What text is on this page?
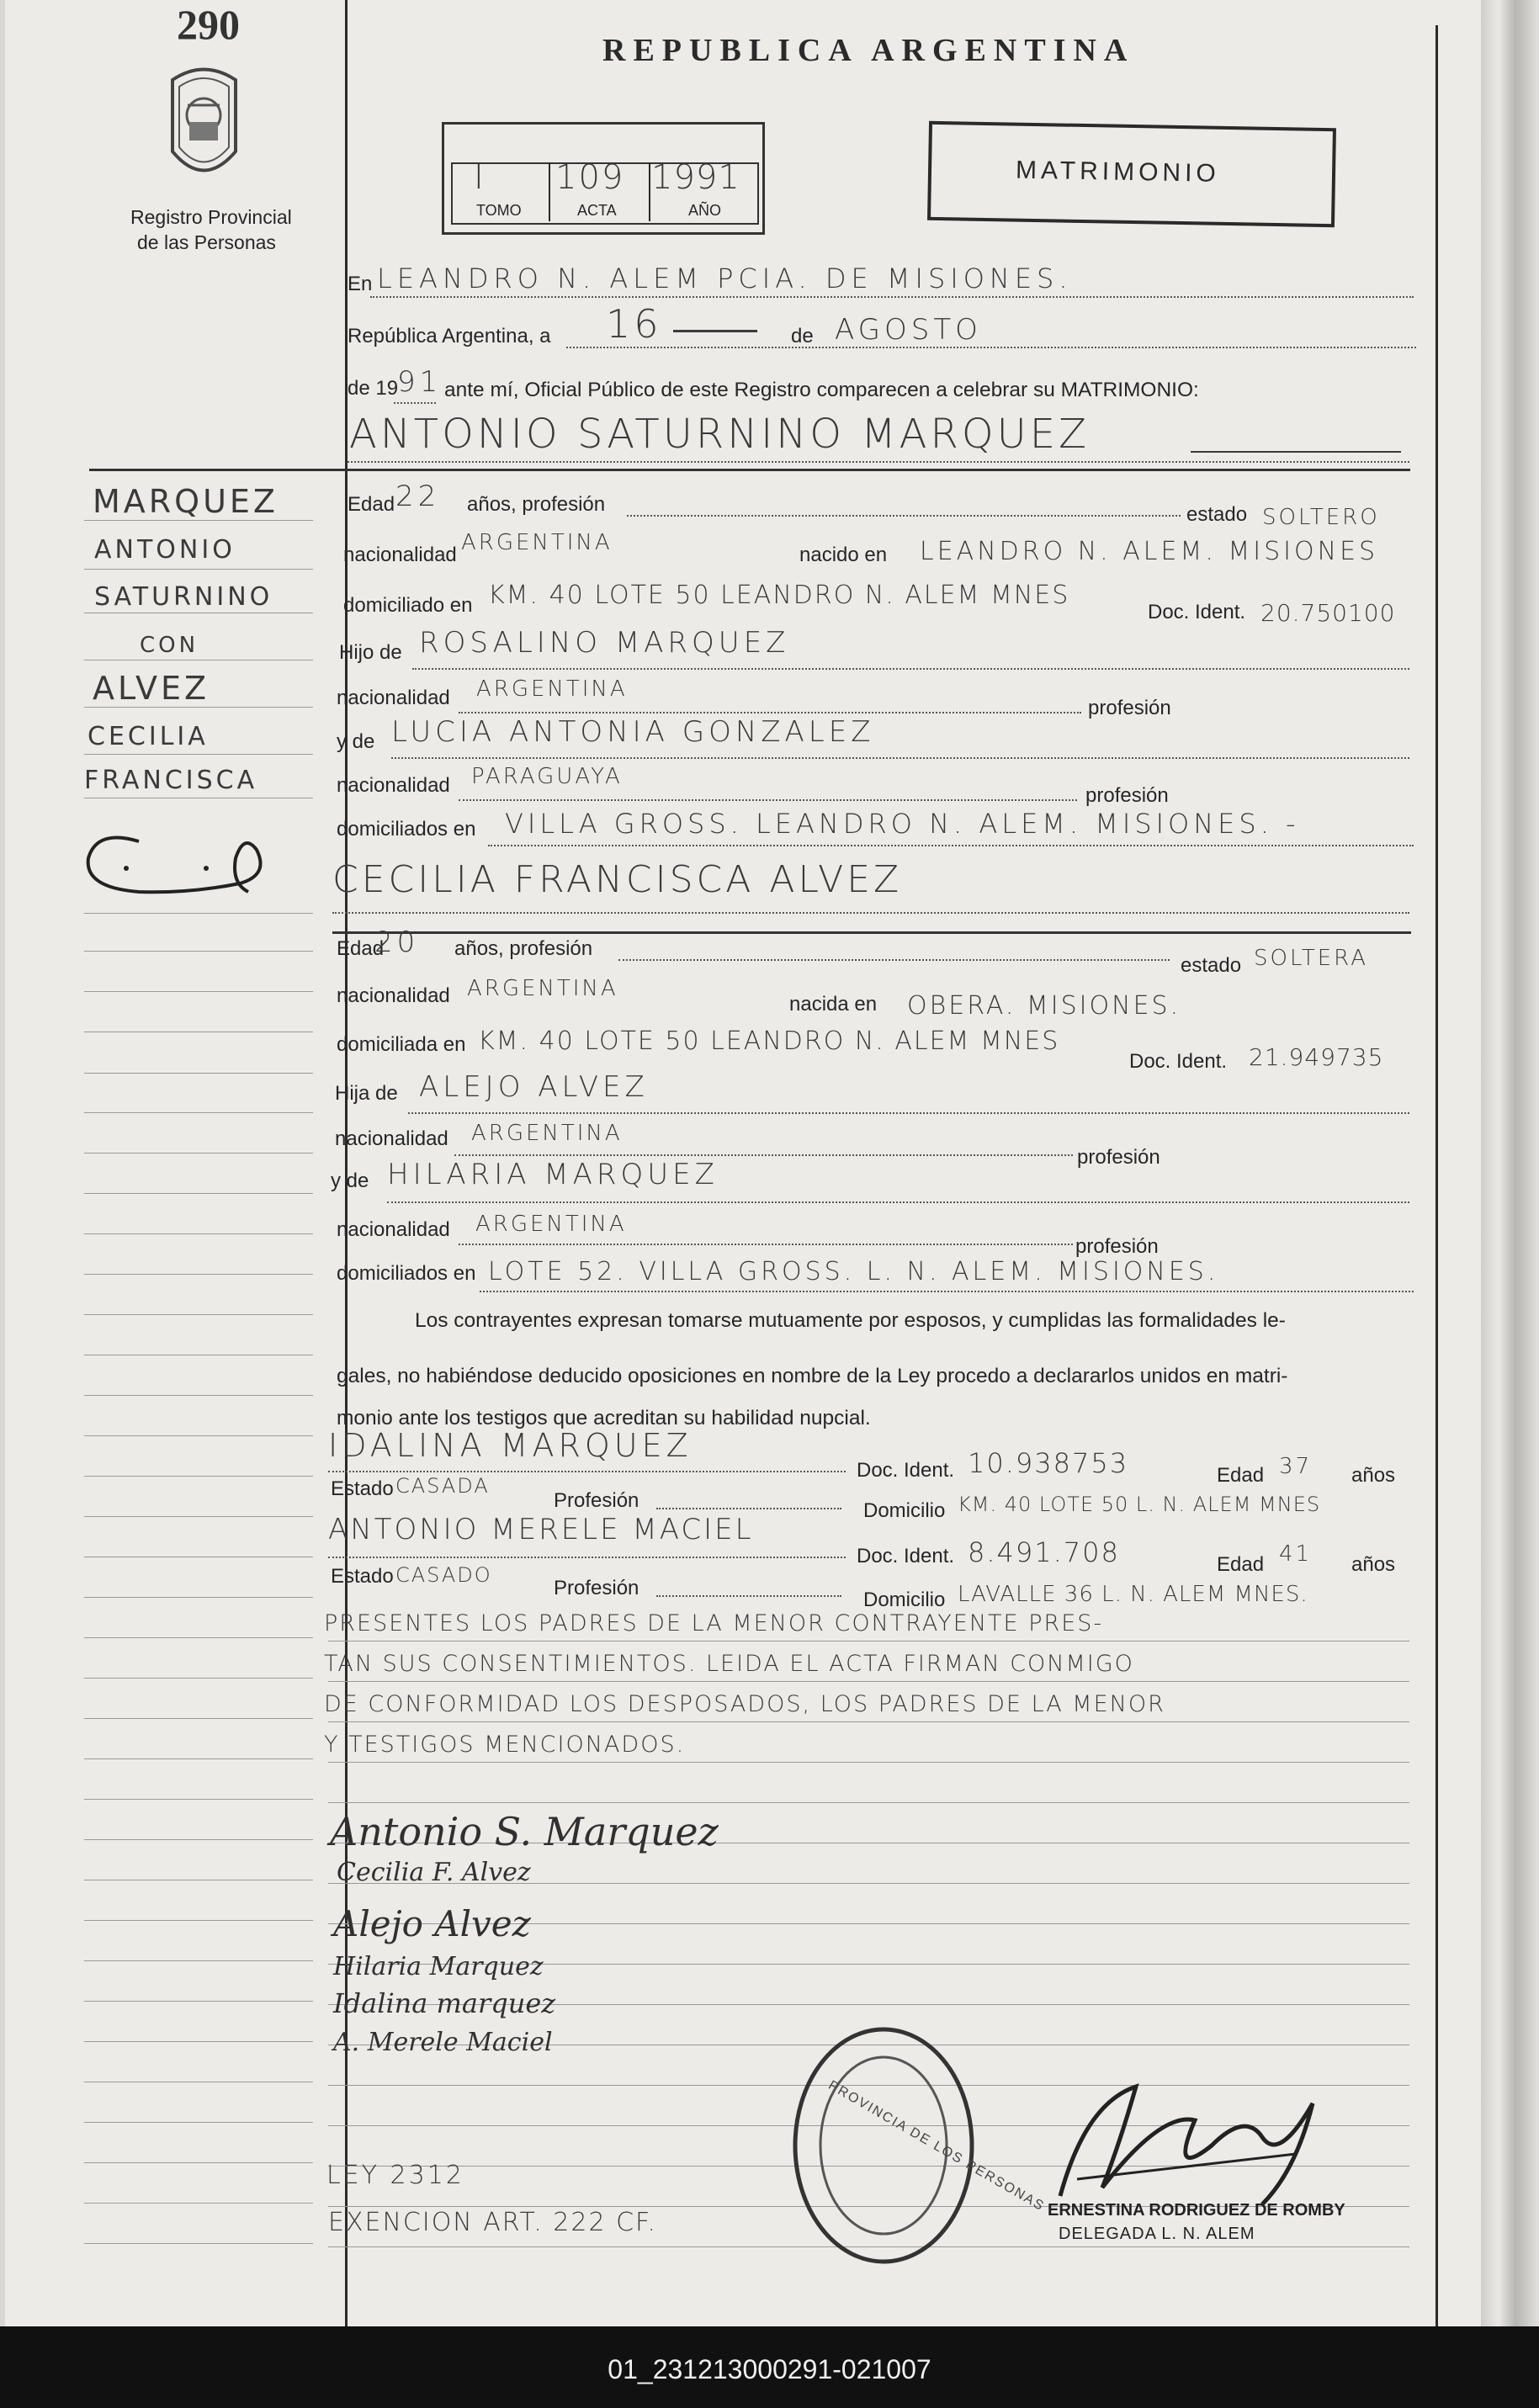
290
Registro Provincial
de las Personas
REPUBLICA ARGENTINA
I 109 1991
TOMO	ACTA	AÑO
MATRIMONIO
En LEANDRO N. ALEM PCIA. DE MISIONES.
República Argentina, a 16	de AGOSTO
de 19
91 ante mí, Oficial Público de este Registro comparecen a celebrar su MATRIMONIO:
ANTONIO SATURNINO MARQUEZ
MARQUEZ
ANTONIO
SATURNINO
CON
ALVEZ
CECILIA
FRANCISCA
Edad 22 años, profesión	estado SOLTERO
nacionalidad ARGENTINA	nacido en LEANDRO N. ALEM. MISIONES
domiciliado en KM. 40 LOTE 50 LEANDRO N. ALEM MNES
Doc. Ident. 20.750100
Hijo de ROSALINO MARQUEZ
nacionalidad ARGENTINA
profesión
y de LUCIA ANTONIA GONZALEZ
nacionalidad PARAGUAYA
profesión
domiciliados en VILLA GROSS. LEANDRO N. ALEM. MISIONES. -
CECILIA FRANCISCA ALVEZ
Edad
20 años, profesión
estado SOLTERA
nacionalidad ARGENTINA
nacida en OBERA. MISIONES.
domiciliada en KM. 40 LOTE 50 LEANDRO N. ALEM MNES
Doc. Ident. 21.949735
Hija de ALEJO ALVEZ
nacionalidad ARGENTINA
profesión
y de HILARIA MARQUEZ
nacionalidad ARGENTINA
profesión
domiciliados en LOTE 52. VILLA GROSS. L. N. ALEM. MISIONES.
Los contrayentes expresan tomarse mutuamente por esposos, y cumplidas las formalidades le-
gales, no habiéndose deducido oposiciones en nombre de la Ley procedo a declararlos unidos en matri-
monio ante los testigos que acreditan su habilidad nupcial.
IDALINA MARQUEZ
Doc. Ident. 10.938753	Edad 37 años
Estado CASADA
Profesión	Domicilio KM. 40 LOTE 50 L. N. ALEM MNES
ANTONIO MERELE MACIEL
Doc. Ident. 8.491.708	Edad 41 años
Estado CASADO
Profesión
Domicilio LAVALLE 36 L. N. ALEM MNES.
PRESENTES LOS PADRES DE LA MENOR CONTRAYENTE PRES-
TAN SUS CONSENTIMIENTOS. LEIDA EL ACTA FIRMAN CONMIGO
DE CONFORMIDAD LOS DESPOSADOS, LOS PADRES DE LA MENOR
Y TESTIGOS MENCIONADOS.
Antonio S. Marquez
Cecilia F. Alvez
Alejo Alvez
Hilaria Marquez
Idalina marquez
A. Merele Maciel
PROVINCIA DE LOS PERSONAS ERNESTINA RODRIGUEZ DE ROMBY
DELEGADA L. N. ALEM
LEY 2312
EXENCION ART. 222 CF.
01_231213000291-021007
